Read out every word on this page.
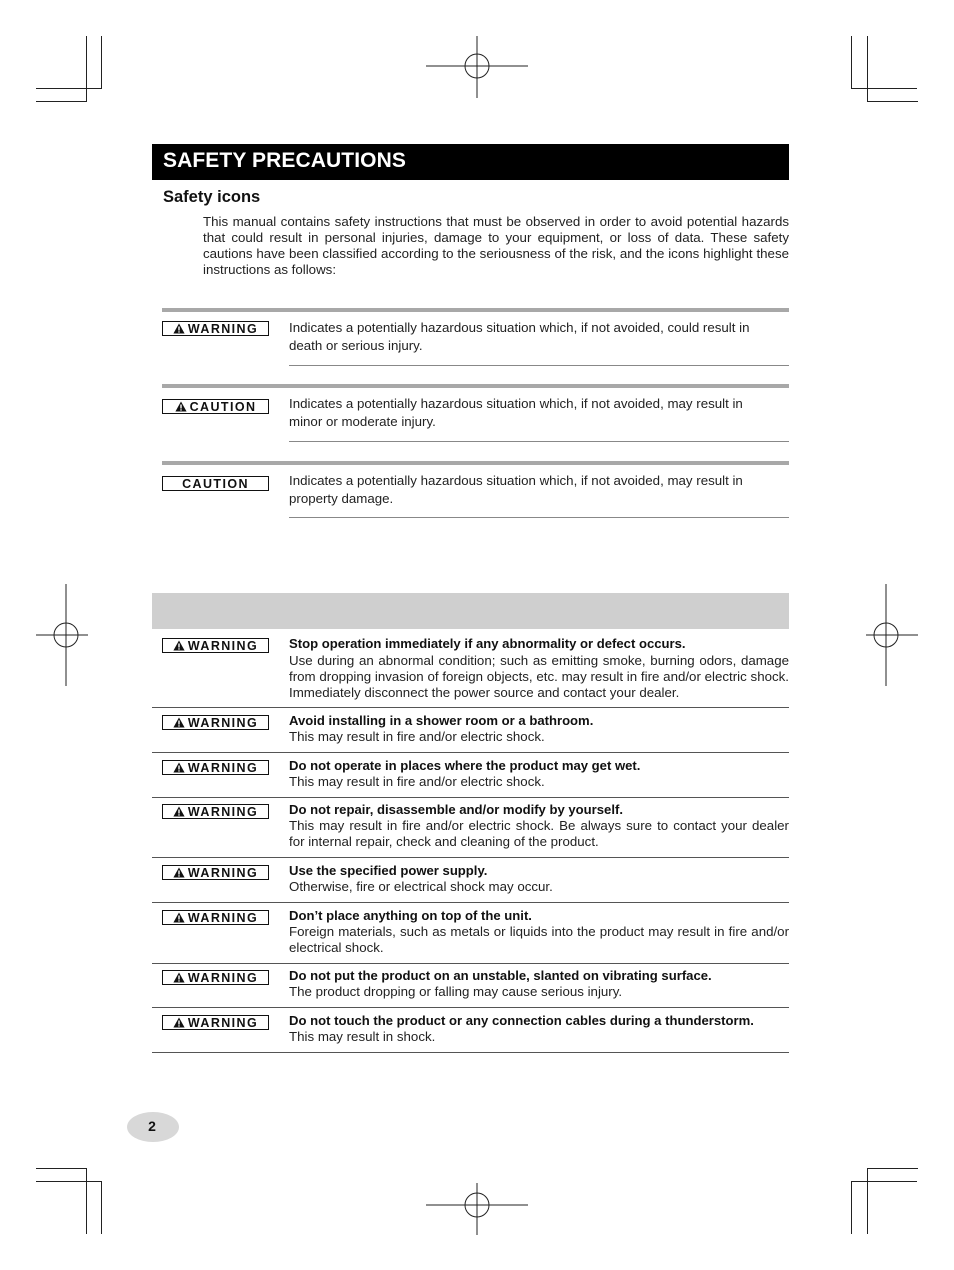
SAFETY PRECAUTIONS
Safety icons
This manual contains safety instructions that must be observed in order to avoid potential hazards that could result in personal injuries, damage to your equipment, or loss of data. These safety cautions have been classified according to the seriousness of the risk, and the icons highlight these instructions as follows:
WARNING Indicates a potentially hazardous situation which, if not avoided, could result in death or serious injury.
CAUTION Indicates a potentially hazardous situation which, if not avoided, may result in minor or moderate injury.
CAUTION	Indicates a potentially hazardous situation which, if not avoided, may result in property damage.
WARNING Stop operation immediately if any abnormality or defect occurs.
Use during an abnormal condition; such as emitting smoke, burning odors, damage from dropping invasion of foreign objects, etc. may result in fire and/or electric shock. Immediately disconnect the power source and contact your dealer.
WARNING Avoid installing in a shower room or a bathroom.
This may result in fire and/or electric shock.
WARNING Do not operate in places where the product may get wet.
This may result in fire and/or electric shock.
WARNING Do not repair, disassemble and/or modify by yourself.
This may result in fire and/or electric shock. Be always sure to contact your dealer for internal repair, check and cleaning of the product.
WARNING Use the specified power supply.
Otherwise, fire or electrical shock may occur.
WARNING Don’t place anything on top of the unit.
Foreign materials, such as metals or liquids into the product may result in fire and/or electrical shock.
WARNING Do not put the product on an unstable, slanted on vibrating surface.
The product dropping or falling may cause serious injury.
WARNING Do not touch the product or any connection cables during a thunderstorm.
This may result in shock.
2
